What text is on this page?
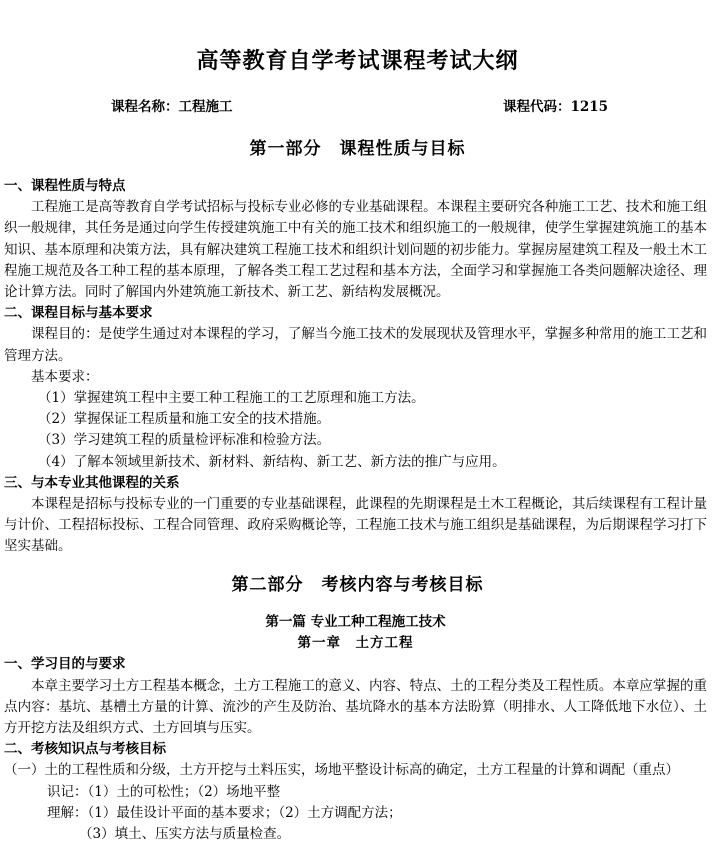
高等教育自学考试课程考试大纲
课程名称：工程施工	课程代码：1215
第一部分　课程性质与目标

一、课程性质与特点

工程施工是高等教育自学考试招标与投标专业必修的专业基础课程。本课程主要研究各种施工工艺、技术和施工组织一般规律，其任务是通过向学生传授建筑施工中有关的施工技术和组织施工的一般规律，使学生掌握建筑施工的基本知识、基本原理和决策方法，具有解决建筑工程施工技术和组织计划问题的初步能力。掌握房屋建筑工程及一般土木工程施工规范及各工种工程的基本原理，了解各类工程工艺过程和基本方法，全面学习和掌握施工各类问题解决途径、理论计算方法。同时了解国内外建筑施工新技术、新工艺、新结构发展概况。

二、课程目标与基本要求

课程目的：是使学生通过对本课程的学习，了解当今施工技术的发展现状及管理水平，掌握多种常用的施工工艺和管理方法。

基本要求：

（1）掌握建筑工程中主要工种工程施工的工艺原理和施工方法。

（2）掌握保证工程质量和施工安全的技术措施。

（3）学习建筑工程的质量检评标准和检验方法。

（4）了解本领域里新技术、新材料、新结构、新工艺、新方法的推广与应用。

三、与本专业其他课程的关系

本课程是招标与投标专业的一门重要的专业基础课程，此课程的先期课程是土木工程概论，其后续课程有工程计量与计价、工程招标投标、工程合同管理、政府采购概论等，工程施工技术与施工组织是基础课程，为后期课程学习打下坚实基础。

第二部分　考核内容与考核目标

第一篇 专业工种工程施工技术

第一章　土方工程

一、学习目的与要求

本章主要学习土方工程基本概念，土方工程施工的意义、内容、特点、土的工程分类及工程性质。本章应掌握的重点内容：基坑、基槽土方量的计算、流沙的产生及防治、基坑降水的基本方法盼算（明排水、人工降低地下水位）、土方开挖方法及组织方式、土方回填与压实。

二、考核知识点与考核目标

（一）土的工程性质和分级，土方开挖与土料压实，场地平整设计标高的确定，土方工程量的计算和调配（重点）

识记：（1）土的可松性；（2）场地平整

理解：（1）最佳设计平面的基本要求；（2）土方调配方法；

（3）填土、压实方法与质量检查。
